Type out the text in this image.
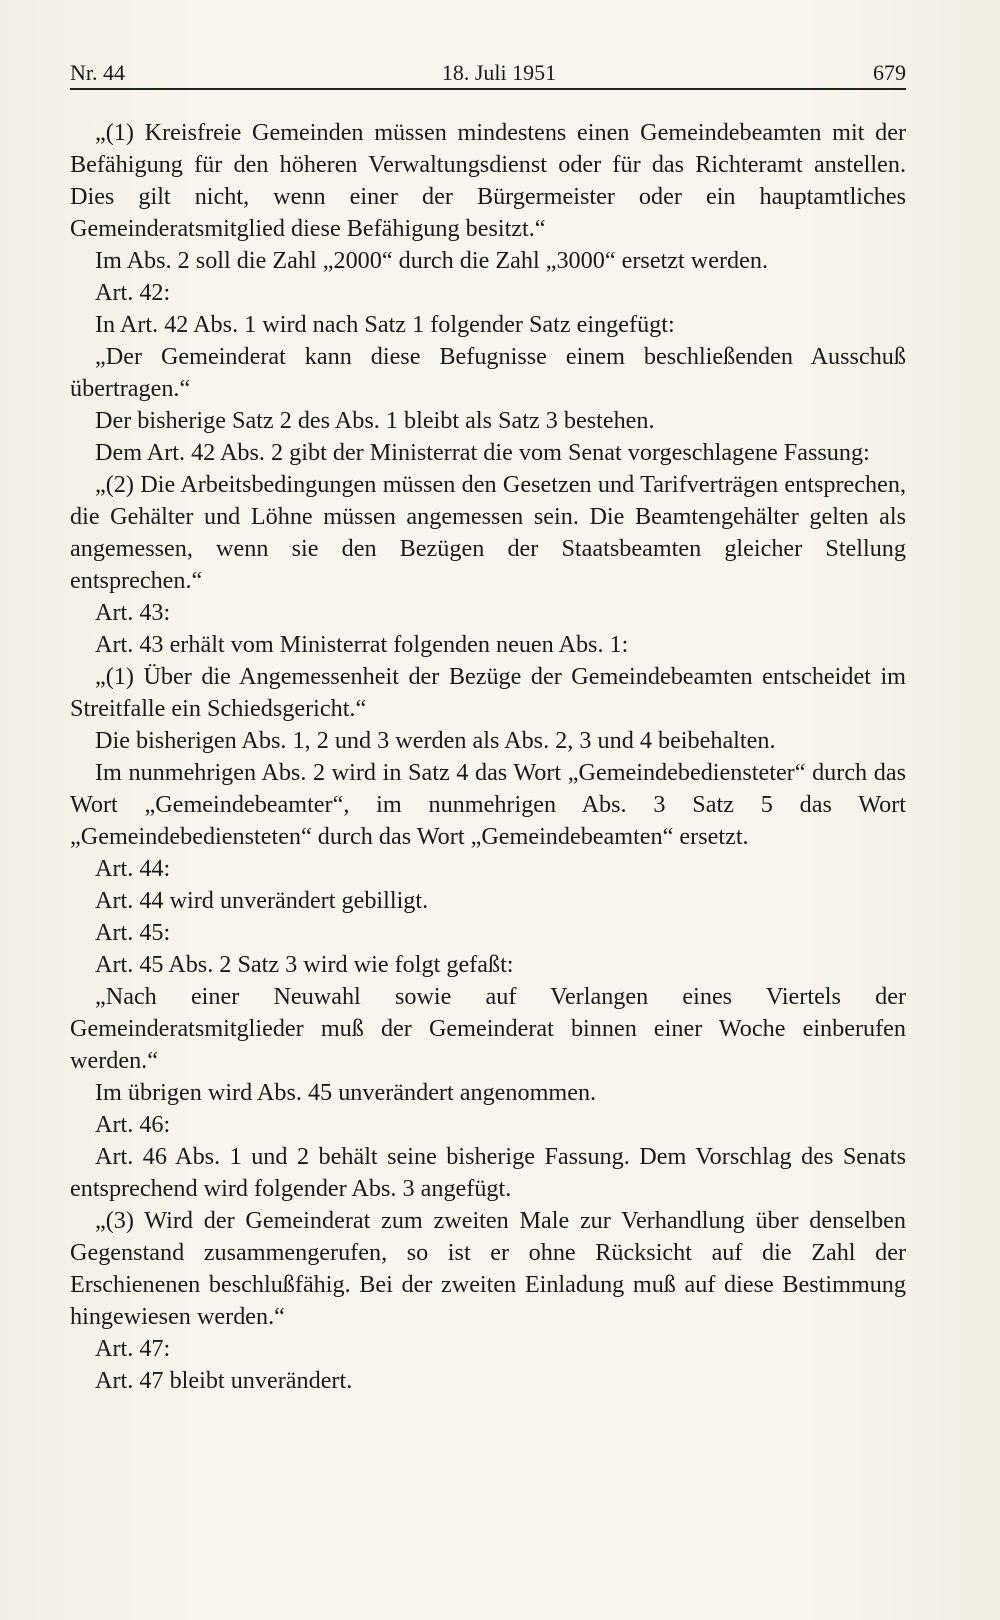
Nr. 44	18. Juli 1951	679

„(1) Kreisfreie Gemeinden müssen mindestens einen Gemeindebeamten mit der Befähigung für den höheren Verwaltungsdienst oder für das Richteramt anstellen. Dies gilt nicht, wenn einer der Bürgermeister oder ein hauptamtliches Gemeinderatsmitglied diese Befähigung besitzt.“

Im Abs. 2 soll die Zahl „2000“ durch die Zahl „3000“ ersetzt werden.

Art. 42:

In Art. 42 Abs. 1 wird nach Satz 1 folgender Satz eingefügt:

„Der Gemeinderat kann diese Befugnisse einem beschließenden Ausschuß übertragen.“

Der bisherige Satz 2 des Abs. 1 bleibt als Satz 3 bestehen.

Dem Art. 42 Abs. 2 gibt der Ministerrat die vom Senat vorgeschlagene Fassung:

„(2) Die Arbeitsbedingungen müssen den Gesetzen und Tarifverträgen entsprechen, die Gehälter und Löhne müssen angemessen sein. Die Beamtengehälter gelten als angemessen, wenn sie den Bezügen der Staatsbeamten gleicher Stellung entsprechen.“

Art. 43:

Art. 43 erhält vom Ministerrat folgenden neuen Abs. 1:

„(1) Über die Angemessenheit der Bezüge der Gemeindebeamten entscheidet im Streitfalle ein Schiedsgericht.“

Die bisherigen Abs. 1, 2 und 3 werden als Abs. 2, 3 und 4 beibehalten.

Im nunmehrigen Abs. 2 wird in Satz 4 das Wort „Gemeindebediensteter“ durch das Wort „Gemeindebeamter“, im nunmehrigen Abs. 3 Satz 5 das Wort „Gemeindebediensteten“ durch das Wort „Gemeindebeamten“ ersetzt.

Art. 44:

Art. 44 wird unverändert gebilligt.

Art. 45:

Art. 45 Abs. 2 Satz 3 wird wie folgt gefaßt:

„Nach einer Neuwahl sowie auf Verlangen eines Viertels der Gemeinderatsmitglieder muß der Gemeinderat binnen einer Woche einberufen werden.“

Im übrigen wird Abs. 45 unverändert angenommen.

Art. 46:

Art. 46 Abs. 1 und 2 behält seine bisherige Fassung. Dem Vorschlag des Senats entsprechend wird folgender Abs. 3 angefügt.

„(3) Wird der Gemeinderat zum zweiten Male zur Verhandlung über denselben Gegenstand zusammengerufen, so ist er ohne Rücksicht auf die Zahl der Erschienenen beschlußfähig. Bei der zweiten Einladung muß auf diese Bestimmung hingewiesen werden.“

Art. 47:

Art. 47 bleibt unverändert.
